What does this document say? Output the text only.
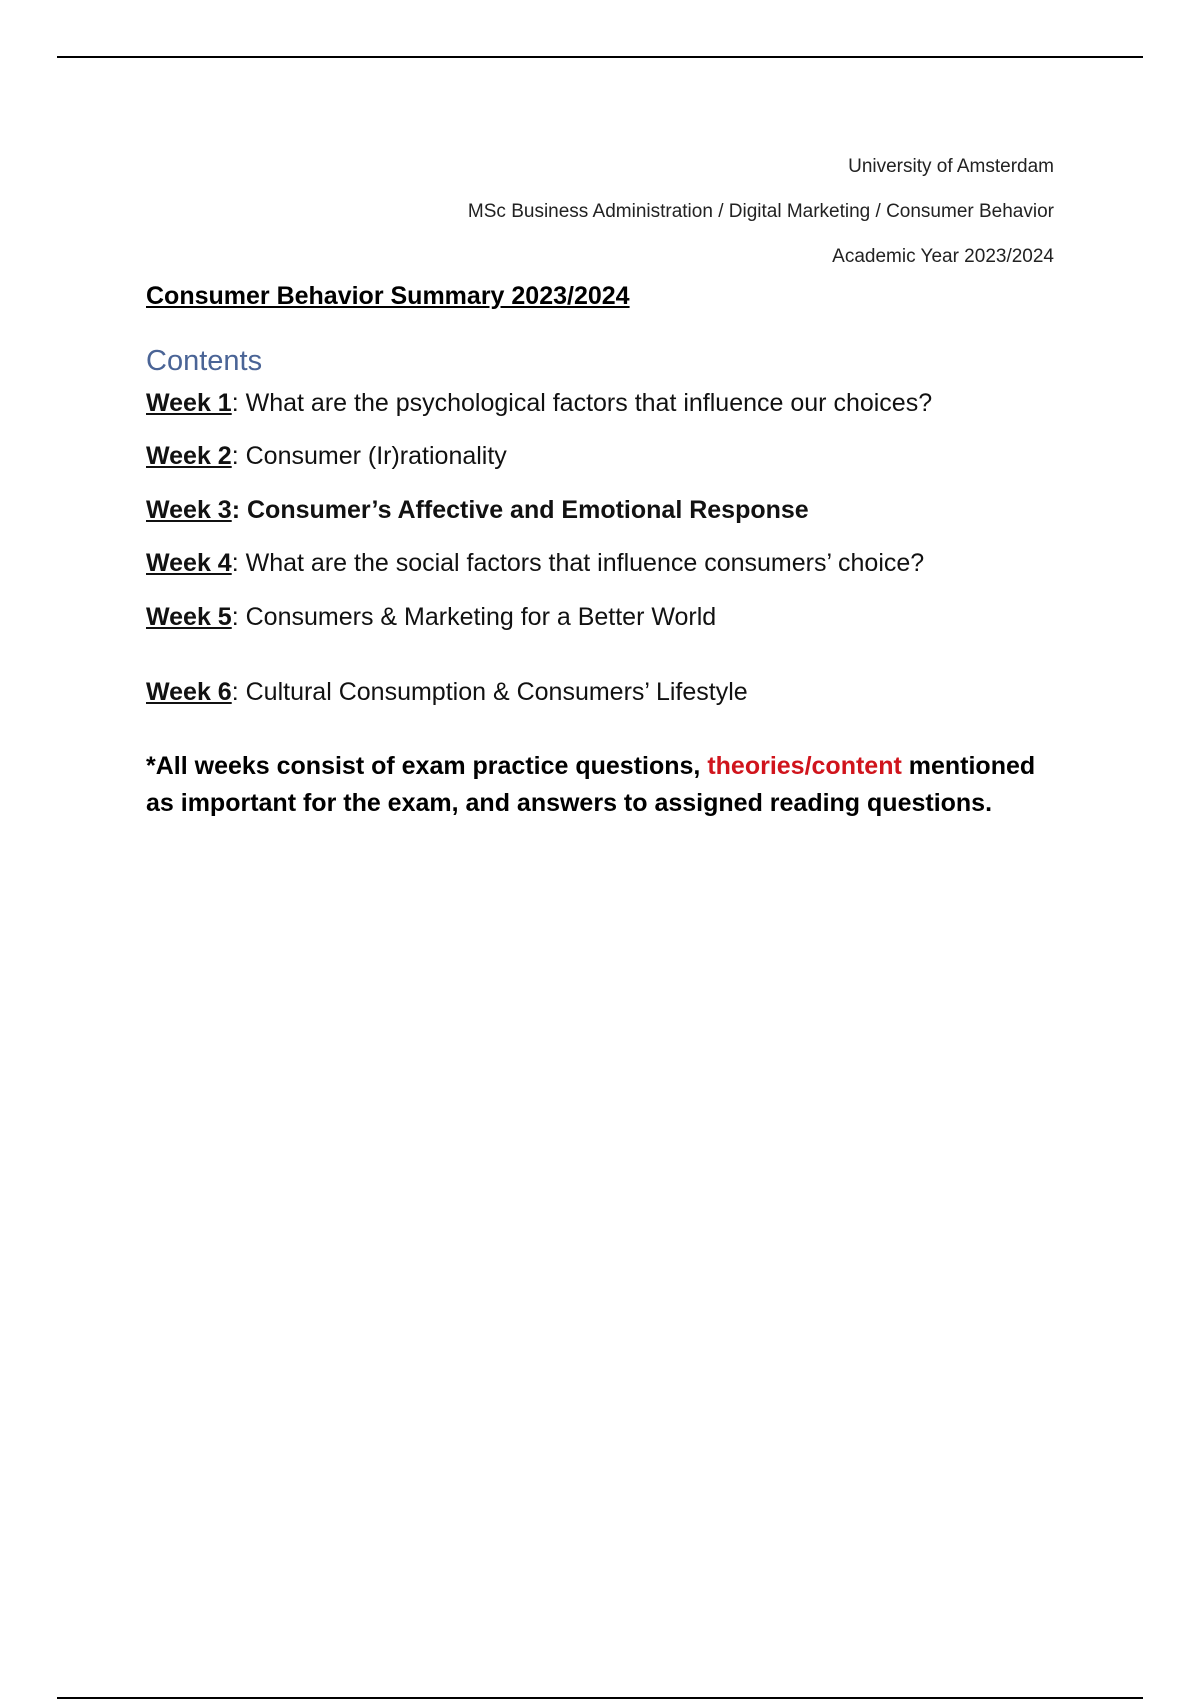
University of Amsterdam
MSc Business Administration / Digital Marketing / Consumer Behavior
Academic Year 2023/2024
Consumer Behavior Summary 2023/2024
Contents
Week 1: What are the psychological factors that influence our choices?
Week 2: Consumer (Ir)rationality
Week 3: Consumer’s Affective and Emotional Response
Week 4: What are the social factors that influence consumers’ choice?
Week 5: Consumers & Marketing for a Better World
Week 6: Cultural Consumption & Consumers’ Lifestyle
*All weeks consist of exam practice questions, theories/content mentioned as important for the exam, and answers to assigned reading questions.
